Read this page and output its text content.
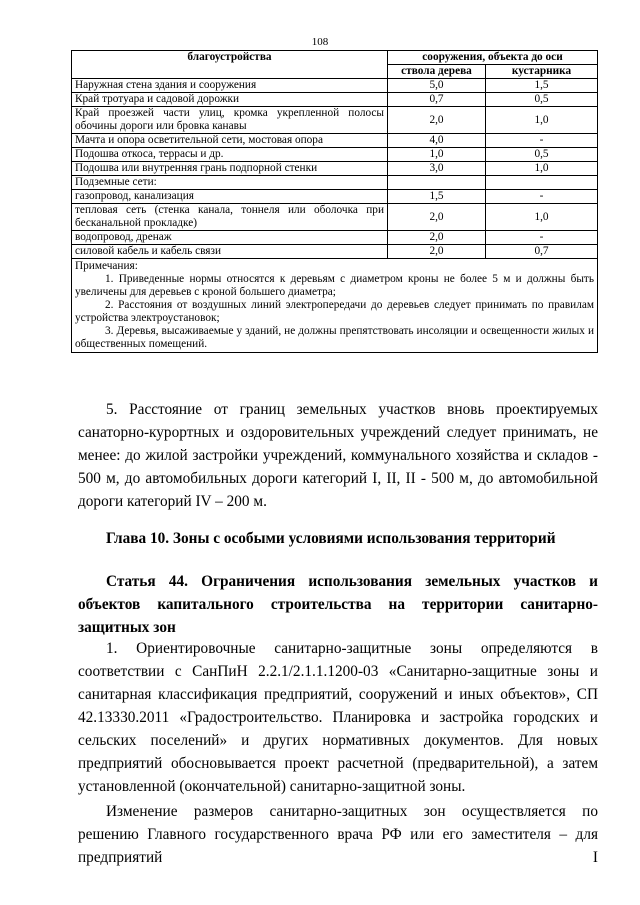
108
благоустройства	сооружения, объекта до оси	
	ствола дерева	кустарника
Наружная стена здания и сооружения	5,0	1,5
Край тротуара и садовой дорожки	0,7	0,5
Край проезжей части улиц, кромка укрепленной полосы обочины дороги или бровка канавы	2,0	1,0
Мачта и опора осветительной сети, мостовая опора	4,0	-
Подошва откоса, террасы и др.	1,0	0,5
Подошва или внутренняя грань подпорной стенки	3,0	1,0
Подземные сети:		
газопровод, канализация	1,5	-
тепловая сеть (стенка канала, тоннеля или оболочка при бесканальной прокладке)	2,0	1,0
водопровод, дренаж	2,0	-
силовой кабель и кабель связи	2,0	0,7

Примечания:
1. Приведенные нормы относятся к деревьям с диаметром кроны не более 5 м и должны быть увеличены для деревьев с кроной большего диаметра;
2. Расстояния от воздушных линий электропередачи до деревьев следует принимать по правилам устройства электроустановок;
3. Деревья, высаживаемые у зданий, не должны препятствовать инсоляции и освещенности жилых и общественных помещений.		

5. Расстояние от границ земельных участков вновь проектируемых санаторно-курортных и оздоровительных учреждений следует принимать, не менее: до жилой застройки учреждений, коммунального хозяйства и складов - 500 м, до автомобильных дороги категорий I, II, II - 500 м, до автомобильной дороги категорий IV – 200 м.

Глава 10. Зоны с особыми условиями использования территорий
Статья 44. Ограничения использования земельных участков и объектов капитального строительства на территории санитарно-защитных зон

1. Ориентировочные санитарно-защитные зоны определяются в соответствии с СанПиН 2.2.1/2.1.1.1200-03 «Санитарно-защитные зоны и санитарная классификация предприятий, сооружений и иных объектов», СП 42.13330.2011 «Градостроительство. Планировка и застройка городских и сельских поселений» и других нормативных документов. Для новых предприятий обосновывается проект расчетной (предварительной), а затем установленной (окончательной) санитарно-защитной зоны.

Изменение размеров санитарно-защитных зон осуществляется по решению Главного государственного врача РФ или его заместителя – для предприятий I
